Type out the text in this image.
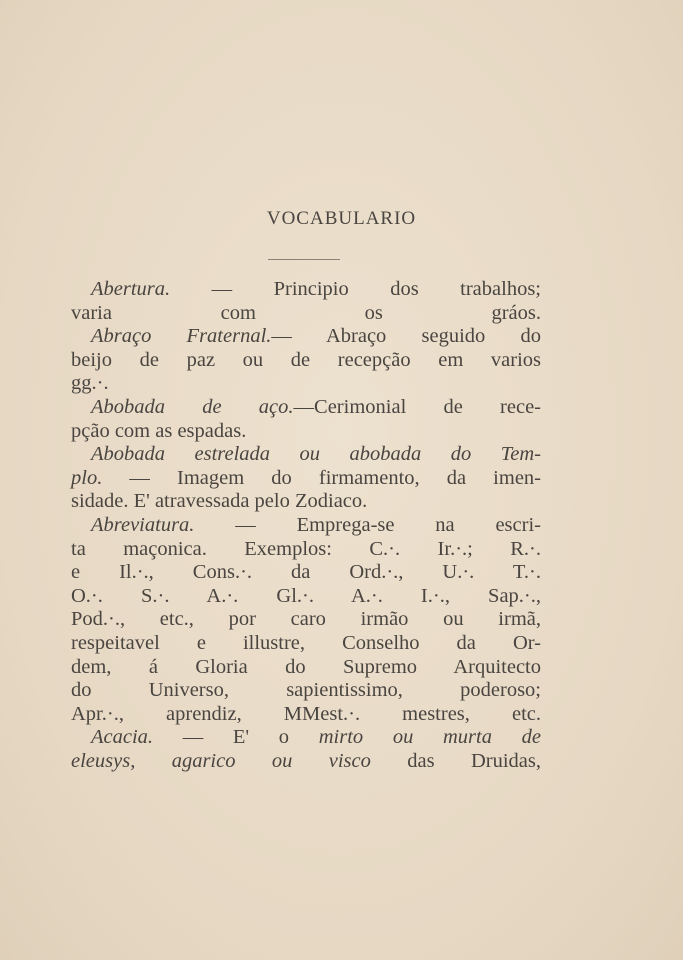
VOCABULARIO
Abertura. — Principio dos trabalhos;
varia com os gráos.
Abraço Fraternal.— Abraço seguido do
beijo de paz ou de recepção em varios
gg.·.
Abobada de aço.—Cerimonial de rece-
pção com as espadas.
Abobada estrelada ou abobada do Tem-
plo. — Imagem do firmamento, da imen-
sidade. E' atravessada pelo Zodiaco.
Abreviatura. — Emprega-se na escri-
ta maçonica. Exemplos: C.·. Ir.·.; R.·.
e Il.·., Cons.·. da Ord.·., U.·. T.·.
O.·. S.·. A.·. Gl.·. A.·. I.·., Sap.·.,
Pod.·., etc., por caro irmão ou irmã,
respeitavel e illustre, Conselho da Or-
dem, á Gloria do Supremo Arquitecto
do Universo, sapientissimo, poderoso;
Apr.·., aprendiz, MMest.·. mestres, etc.
Acacia. — E' o mirto ou murta de
eleusys, agarico ou visco das Druidas,
